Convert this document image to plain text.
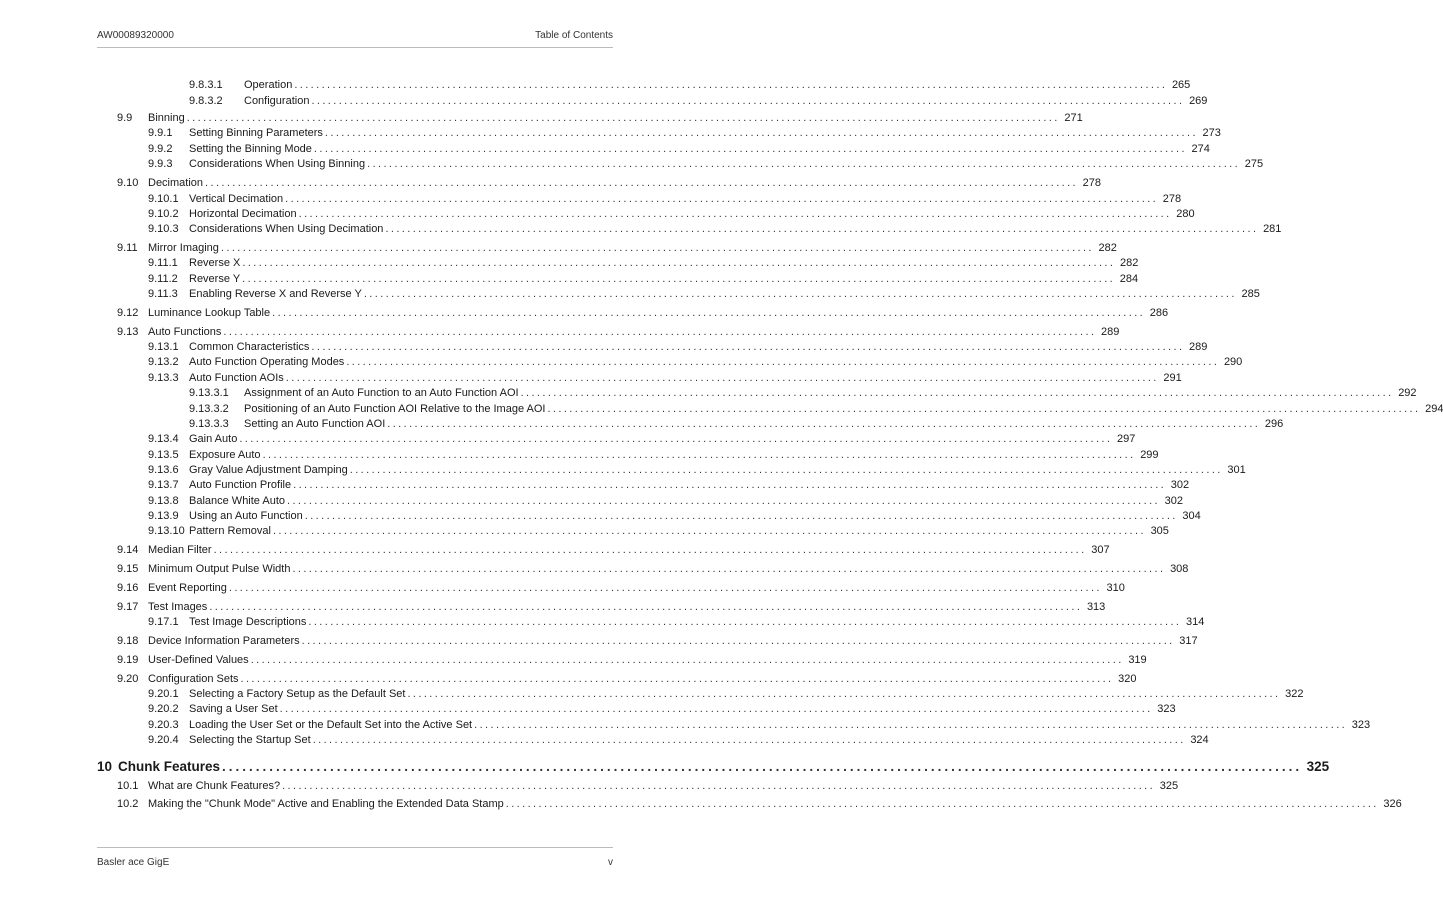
AW00089320000	Table of Contents
9.8.3.1 Operation ................................................................................................................................................................ 265
9.8.3.2 Configuration ................................................................................................................................................................ 269
9.9 Binning ................................................................................................................................................................ 271
9.9.1 Setting Binning Parameters ................................................................................................................................................................ 273
9.9.2 Setting the Binning Mode ................................................................................................................................................................ 274
9.9.3 Considerations When Using Binning ................................................................................................................................................................ 275
9.10 Decimation ................................................................................................................................................................ 278
9.10.1 Vertical Decimation ................................................................................................................................................................ 278
9.10.2 Horizontal Decimation ................................................................................................................................................................ 280
9.10.3 Considerations When Using Decimation ................................................................................................................................................................ 281
9.11 Mirror Imaging ................................................................................................................................................................ 282
9.11.1 Reverse X ................................................................................................................................................................ 282
9.11.2 Reverse Y ................................................................................................................................................................ 284
9.11.3 Enabling Reverse X and Reverse Y ................................................................................................................................................................ 285
9.12 Luminance Lookup Table ................................................................................................................................................................ 286
9.13 Auto Functions ................................................................................................................................................................ 289
9.13.1 Common Characteristics ................................................................................................................................................................ 289
9.13.2 Auto Function Operating Modes ................................................................................................................................................................ 290
9.13.3 Auto Function AOIs ................................................................................................................................................................ 291
9.13.3.1 Assignment of an Auto Function to an Auto Function AOI ................................................................................................................................................................ 292
9.13.3.2 Positioning of an Auto Function AOI Relative to the Image AOI ................................................................................................................................................................ 294
9.13.3.3 Setting an Auto Function AOI ................................................................................................................................................................ 296
9.13.4 Gain Auto ................................................................................................................................................................ 297
9.13.5 Exposure Auto ................................................................................................................................................................ 299
9.13.6 Gray Value Adjustment Damping ................................................................................................................................................................ 301
9.13.7 Auto Function Profile ................................................................................................................................................................ 302
9.13.8 Balance White Auto ................................................................................................................................................................ 302
9.13.9 Using an Auto Function ................................................................................................................................................................ 304
9.13.10 Pattern Removal ................................................................................................................................................................ 305
9.14 Median Filter ................................................................................................................................................................ 307
9.15 Minimum Output Pulse Width ................................................................................................................................................................ 308
9.16 Event Reporting ................................................................................................................................................................ 310
9.17 Test Images ................................................................................................................................................................ 313
9.17.1 Test Image Descriptions ................................................................................................................................................................ 314
9.18 Device Information Parameters ................................................................................................................................................................ 317
9.19 User-Defined Values ................................................................................................................................................................ 319
9.20 Configuration Sets ................................................................................................................................................................ 320
9.20.1 Selecting a Factory Setup as the Default Set ................................................................................................................................................................ 322
9.20.2 Saving a User Set ................................................................................................................................................................ 323
9.20.3 Loading the User Set or the Default Set into the Active Set ................................................................................................................................................................ 323
9.20.4 Selecting the Startup Set ................................................................................................................................................................ 324
10 Chunk Features ................................................................................................................................................................ 325
10.1 What are Chunk Features? ................................................................................................................................................................ 325
10.2 Making the "Chunk Mode" Active and Enabling the Extended Data Stamp ................................................................................................................................................................ 326
Basler ace GigE	v
